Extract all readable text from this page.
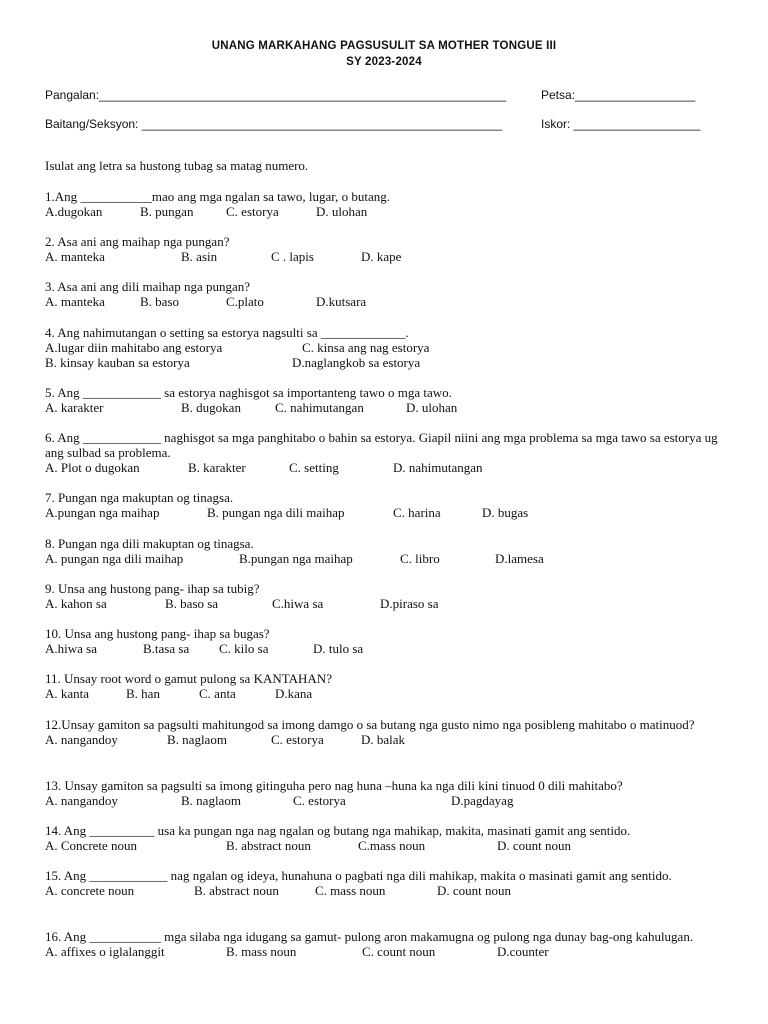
UNANG MARKAHANG PAGSUSULIT SA MOTHER TONGUE III
SY 2023-2024
Pangalan:_____________________________________________________________	Petsa:__________________
Baitang/Seksyon: ______________________________________________________	Iskor: ___________________
Isulat ang letra sa hustong tubag sa matag numero.
1.Ang ___________mao ang mga ngalan sa tawo, lugar, o butang.
A.dugokan	B. pungan	C. estorya	D. ulohan
2. Asa ani ang maihap nga pungan?
A. manteka	B. asin	C . lapis	D. kape
3. Asa ani ang dili maihap nga pungan?
A. manteka	B. baso	C.plato	D.kutsara
4. Ang nahimutangan o setting sa estorya nagsulti sa _____________.
A.lugar diin mahitabo ang estorya	C. kinsa ang nag estorya
B. kinsay kauban sa estorya	D.naglangkob sa estorya
5. Ang ____________ sa estorya naghisgot sa importanteng tawo o mga tawo.
A. karakter	B. dugokan	C. nahimutangan	D. ulohan
6. Ang ____________ naghisgot sa mga panghitabo o bahin sa estorya. Giapil niini ang mga problema sa mga tawo sa estorya ug ang sulbad sa problema.
A. Plot o dugokan	B. karakter	C. setting	D. nahimutangan
7. Pungan nga makuptan og tinagsa.
A.pungan nga maihap	B. pungan nga dili maihap	C. harina	D. bugas
8. Pungan nga dili makuptan og tinagsa.
A. pungan nga dili maihap	B.pungan nga maihap	C. libro	D.lamesa
9. Unsa ang hustong pang- ihap sa tubig?
A. kahon sa	B. baso sa	C.hiwa sa	D.piraso sa
10. Unsa ang hustong pang- ihap sa bugas?
A.hiwa sa	B.tasa sa C. kilo sa	D. tulo sa
11. Unsay root word o gamut pulong sa KANTAHAN?
A. kanta	B. han	C. anta	D.kana
12.Unsay gamiton sa pagsulti mahitungod sa imong damgo o sa butang nga gusto nimo nga posibleng mahitabo o matinuod?
A. nangandoy	B. naglaom	C. estorya	D. balak
13. Unsay gamiton sa pagsulti sa imong gitinguha pero nag huna –huna ka nga dili kini tinuod 0 dili mahitabo?
A. nangandoy	B. naglaom	C. estorya	D.pagdayag
14. Ang __________ usa ka pungan nga nag ngalan og butang nga mahikap, makita, masinati gamit ang sentido.
A. Concrete noun	B. abstract noun	C.mass noun	D. count noun
15. Ang ____________ nag ngalan og ideya, hunahuna o pagbati nga dili mahikap, makita o masinati gamit ang sentido.
A. concrete noun	B. abstract noun	C. mass noun	D. count noun
16. Ang ___________ mga silaba nga idugang sa gamut- pulong aron makamugna og pulong nga dunay bag-ong kahulugan.
A. affixes o iglalanggit	B. mass noun	C. count noun	D.counter
